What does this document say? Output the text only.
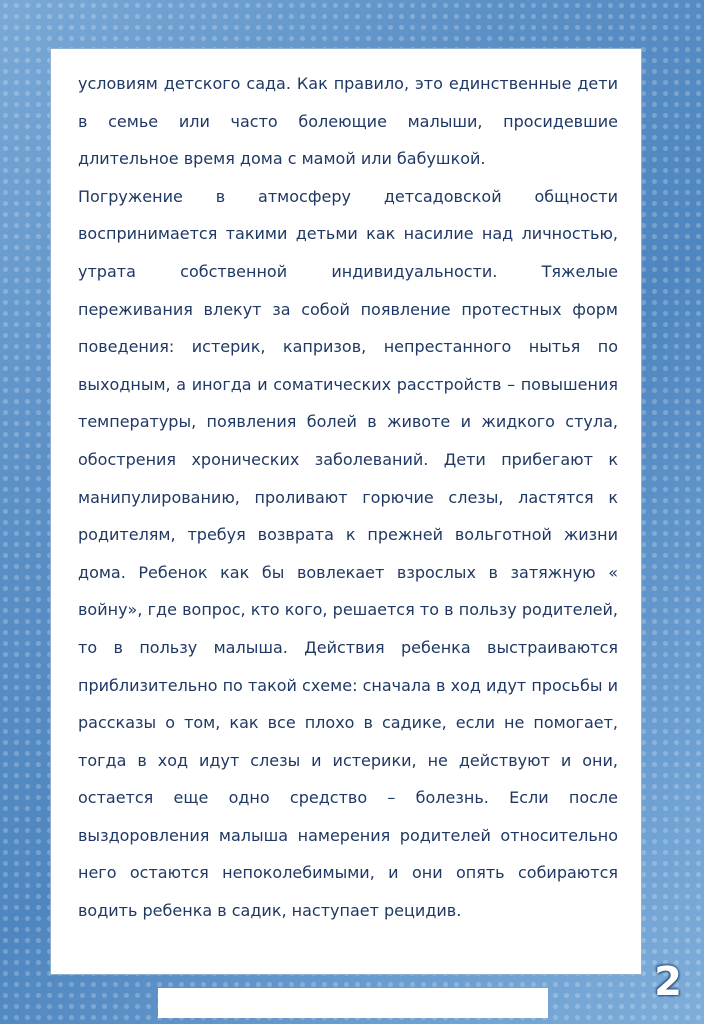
условиям детского сада. Как правило, это единственные дети в семье или часто болеющие малыши, просидевшие длительное время дома с мамой или бабушкой.

Погружение в атмосферу детсадовской общности воспринимается такими детьми как насилие над личностью, утрата собственной индивидуальности. Тяжелые переживания влекут за собой появление протестных форм поведения: истерик, капризов, непрестанного нытья по выходным, а иногда и соматических расстройств – повышения температуры, появления болей в животе и жидкого стула, обострения хронических заболеваний. Дети прибегают к манипулированию, проливают горючие слезы, ластятся к родителям, требуя возврата к прежней вольготной жизни дома. Ребенок как бы вовлекает взрослых в затяжную « войну», где вопрос, кто кого, решается то в пользу родителей, то в пользу малыша. Действия ребенка выстраиваются приблизительно по такой схеме: сначала в ход идут просьбы и рассказы о том, как все плохо в садике, если не помогает, тогда в ход идут слезы и истерики, не действуют и они, остается еще одно средство – болезнь. Если после выздоровления малыша намерения родителей относительно него остаются непоколебимыми, и они опять собираются водить ребенка в садик, наступает рецидив.

2
